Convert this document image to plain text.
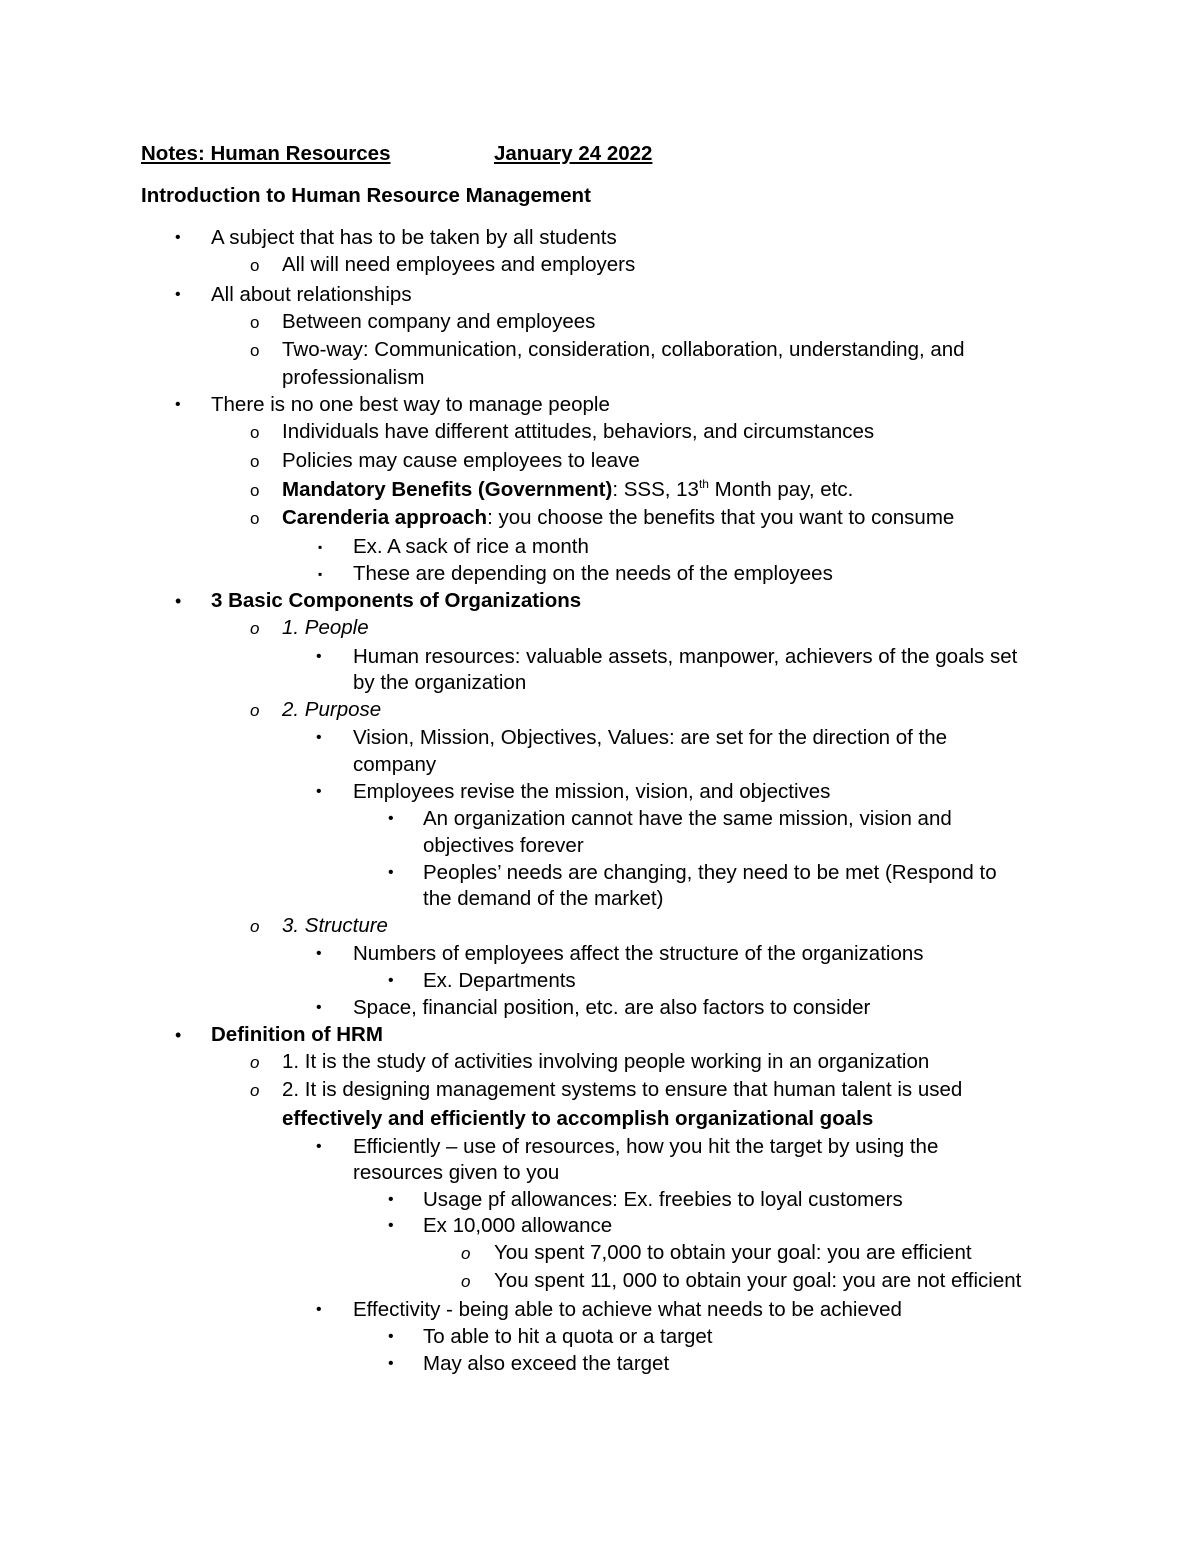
Notes: Human Resources	January 24 2022
Introduction to Human Resource Management
• A subject that has to be taken by all students
o All will need employees and employers
• All about relationships
o Between company and employees
o Two-way: Communication, consideration, collaboration, understanding, and
professionalism
• There is no one best way to manage people
o Individuals have different attitudes, behaviors, and circumstances
o Policies may cause employees to leave
o Mandatory Benefits (Government): SSS, 13th Month pay, etc.
o Carenderia approach: you choose the benefits that you want to consume
▪ Ex. A sack of rice a month
▪ These are depending on the needs of the employees
• 3 Basic Components of Organizations
o 1. People
• Human resources: valuable assets, manpower, achievers of the goals set
by the organization
o 2. Purpose
• Vision, Mission, Objectives, Values: are set for the direction of the
company
• Employees revise the mission, vision, and objectives
• An organization cannot have the same mission, vision and
objectives forever
• Peoples’ needs are changing, they need to be met (Respond to
the demand of the market)
o 3. Structure
• Numbers of employees affect the structure of the organizations
• Ex. Departments
• Space, financial position, etc. are also factors to consider
• Definition of HRM
o 1. It is the study of activities involving people working in an organization
o 2. It is designing management systems to ensure that human talent is used
effectively and efficiently to accomplish organizational goals
• Efficiently – use of resources, how you hit the target by using the
resources given to you
• Usage pf allowances: Ex. freebies to loyal customers
• Ex 10,000 allowance
o You spent 7,000 to obtain your goal: you are efficient
o You spent 11, 000 to obtain your goal: you are not efficient
• Effectivity - being able to achieve what needs to be achieved
• To able to hit a quota or a target
• May also exceed the target
